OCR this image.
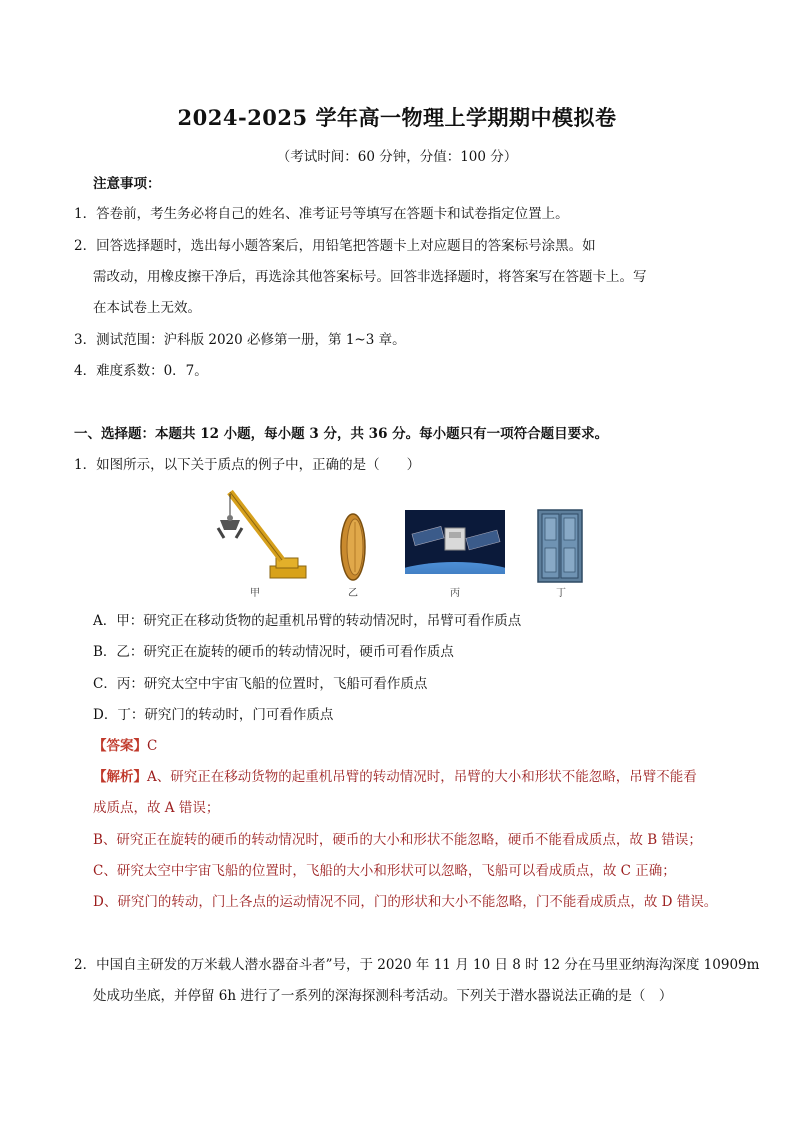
2024-2025 学年高一物理上学期期中模拟卷
（考试时间：60 分钟，分值：100 分）
注意事项：
1．答卷前，考生务必将自己的姓名、准考证号等填写在答题卡和试卷指定位置上。
2．回答选择题时，选出每小题答案后，用铅笔把答题卡上对应题目的答案标号涂黑。如
需改动，用橡皮擦干净后，再选涂其他答案标号。回答非选择题时，将答案写在答题卡上。写
在本试卷上无效。
3．测试范围：沪科版 2020 必修第一册，第 1~3 章。
4．难度系数：0．7。
一、选择题：本题共 12 小题，每小题 3 分，共 36 分。每小题只有一项符合题目要求。
1．如图所示，以下关于质点的例子中，正确的是（　　）
甲	乙	丙	丁
A．甲：研究正在移动货物的起重机吊臂的转动情况时，吊臂可看作质点
B．乙：研究正在旋转的硬币的转动情况时，硬币可看作质点
C．丙：研究太空中宇宙飞船的位置时，飞船可看作质点
D．丁：研究门的转动时，门可看作质点
【答案】C
【解析】A、研究正在移动货物的起重机吊臂的转动情况时，吊臂的大小和形状不能忽略，吊臂不能看
成质点，故 A 错误；
B、研究正在旋转的硬币的转动情况时，硬币的大小和形状不能忽略，硬币不能看成质点，故 B 错误；
C、研究太空中宇宙飞船的位置时，飞船的大小和形状可以忽略，飞船可以看成质点，故 C 正确；
D、研究门的转动，门上各点的运动情况不同，门的形状和大小不能忽略，门不能看成质点，故 D 错误。
2．中国自主研发的万米载人潜水器奋斗者”号，于 2020 年 11 月 10 日 8 时 12 分在马里亚纳海沟深度 10909m
处成功坐底，并停留 6h 进行了一系列的深海探测科考活动。下列关于潜水器说法正确的是（　）
